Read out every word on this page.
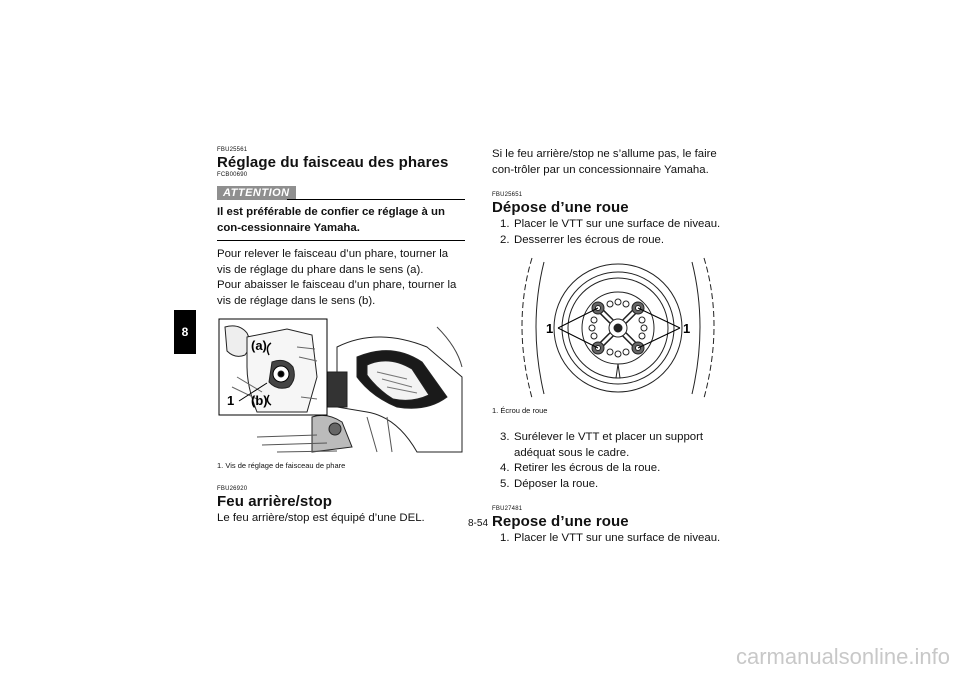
8
FBU25561
Réglage du faisceau des phares
FCB00690
ATTENTION
Il est préférable de confier ce réglage à un con-cessionnaire Yamaha.

Pour relever le faisceau d’un phare, tourner la vis de réglage du phare dans le sens (a).

Pour abaisser le faisceau d’un phare, tourner la vis de réglage dans le sens (b).

(a)
(b)
1
1. Vis de réglage de faisceau de phare
FBU26920
Feu arrière/stop

Le feu arrière/stop est équipé d’une DEL.

Si le feu arrière/stop ne s’allume pas, le faire con-trôler par un concessionnaire Yamaha.

FBU25651
Dépose d’une roue
1. Placer le VTT sur une surface de niveau.
2. Desserrer les écrous de roue.
1	1
1. Écrou de roue
3. Surélever le VTT et placer un support adéquat sous le cadre.
4. Retirer les écrous de la roue.
5. Déposer la roue.
FBU27481
Repose d’une roue
1. Placer le VTT sur une surface de niveau.
8-54
carmanualsonline.info
